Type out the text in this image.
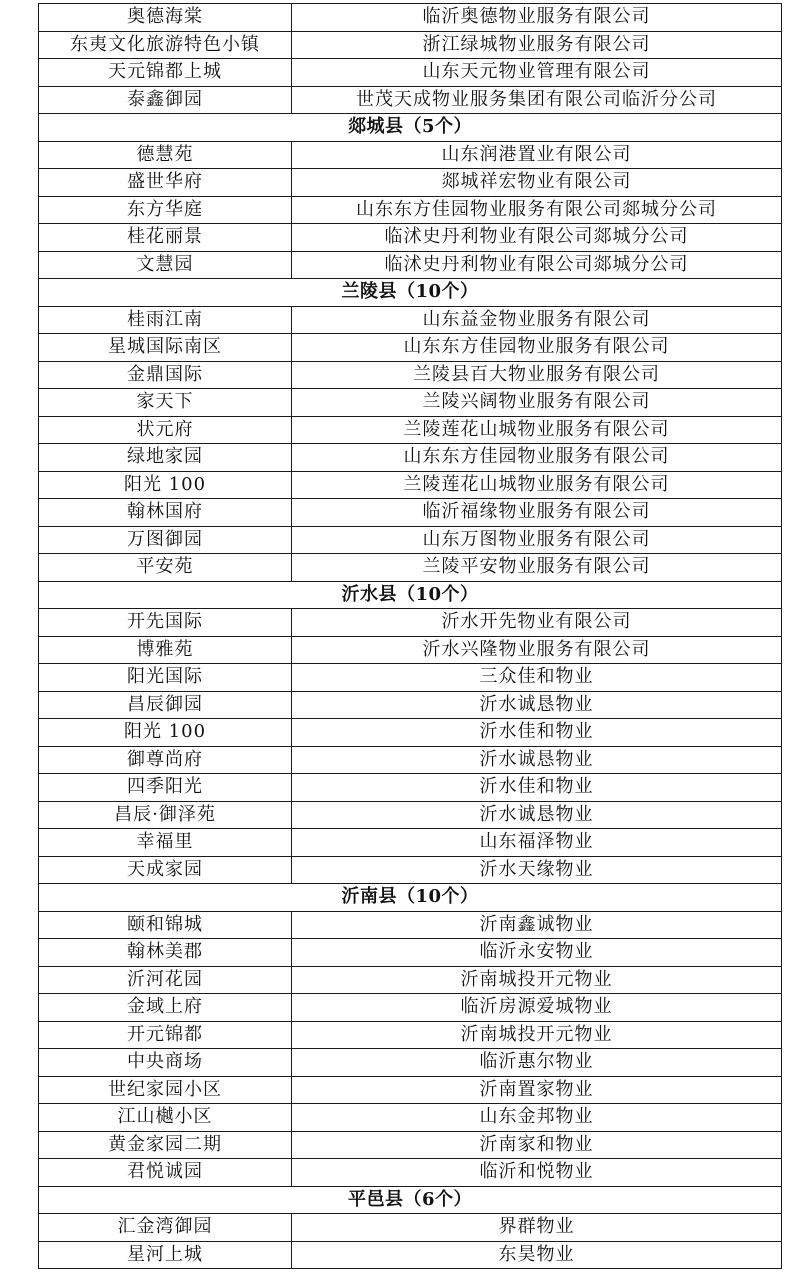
奥德海棠	临沂奥德物业服务有限公司
东夷文化旅游特色小镇	浙江绿城物业服务有限公司
天元锦都上城	山东天元物业管理有限公司
泰鑫御园	世茂天成物业服务集团有限公司临沂分公司
郯城县（5个）	
德慧苑	山东润港置业有限公司
盛世华府	郯城祥宏物业有限公司
东方华庭	山东东方佳园物业服务有限公司郯城分公司
桂花丽景	临沭史丹利物业有限公司郯城分公司
文慧园	临沭史丹利物业有限公司郯城分公司
兰陵县（10个）	
桂雨江南	山东益金物业服务有限公司
星城国际南区	山东东方佳园物业服务有限公司
金鼎国际	兰陵县百大物业服务有限公司
家天下	兰陵兴阔物业服务有限公司
状元府	兰陵莲花山城物业服务有限公司
绿地家园	山东东方佳园物业服务有限公司
阳光 100	兰陵莲花山城物业服务有限公司
翰林国府	临沂福缘物业服务有限公司
万图御园	山东万图物业服务有限公司
平安苑	兰陵平安物业服务有限公司
沂水县（10个）	
开先国际	沂水开先物业有限公司
博雅苑	沂水兴隆物业服务有限公司
阳光国际	三众佳和物业
昌辰御园	沂水诚恳物业
阳光 100	沂水佳和物业
御尊尚府	沂水诚恳物业
四季阳光	沂水佳和物业
昌辰·御泽苑	沂水诚恳物业
幸福里	山东福泽物业
天成家园	沂水天缘物业
沂南县（10个）	
颐和锦城	沂南鑫诚物业
翰林美郡	临沂永安物业
沂河花园	沂南城投开元物业
金域上府	临沂房源爱城物业
开元锦都	沂南城投开元物业
中央商场	临沂惠尔物业
世纪家园小区	沂南置家物业
江山樾小区	山东金邦物业
黄金家园二期	沂南家和物业
君悦诚园	临沂和悦物业
平邑县（6个）	
汇金湾御园	界群物业
星河上城	东昊物业
